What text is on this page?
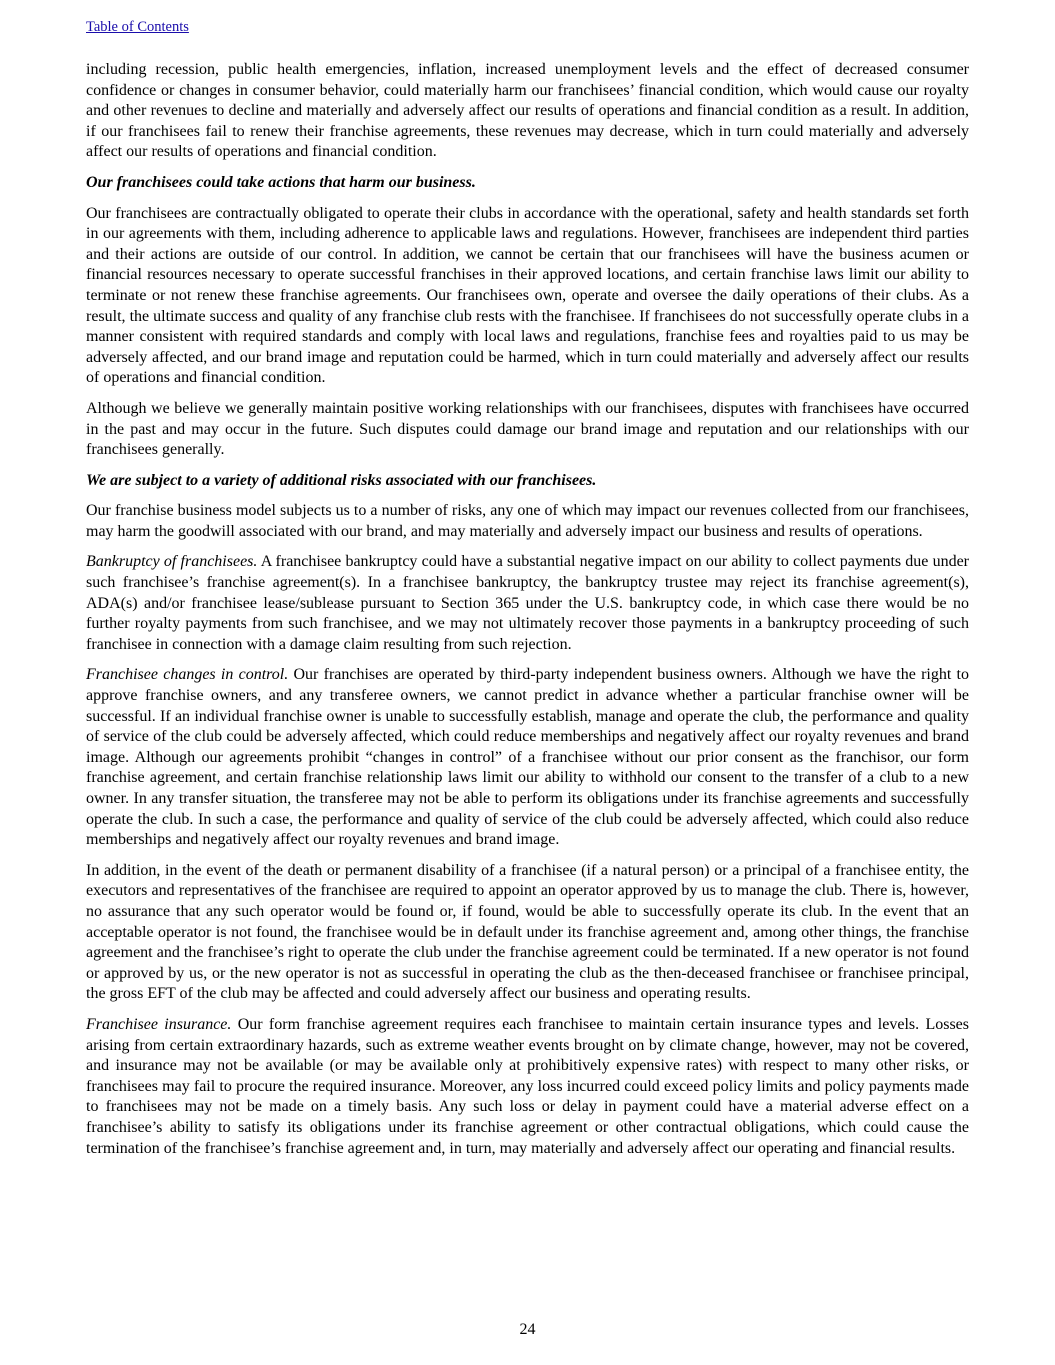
Table of Contents

including recession, public health emergencies, inflation, increased unemployment levels and the effect of decreased consumer confidence or changes in consumer behavior, could materially harm our franchisees’ financial condition, which would cause our royalty and other revenues to decline and materially and adversely affect our results of operations and financial condition as a result. In addition, if our franchisees fail to renew their franchise agreements, these revenues may decrease, which in turn could materially and adversely affect our results of operations and financial condition.

Our franchisees could take actions that harm our business.

Our franchisees are contractually obligated to operate their clubs in accordance with the operational, safety and health standards set forth in our agreements with them, including adherence to applicable laws and regulations. However, franchisees are independent third parties and their actions are outside of our control. In addition, we cannot be certain that our franchisees will have the business acumen or financial resources necessary to operate successful franchises in their approved locations, and certain franchise laws limit our ability to terminate or not renew these franchise agreements. Our franchisees own, operate and oversee the daily operations of their clubs. As a result, the ultimate success and quality of any franchise club rests with the franchisee. If franchisees do not successfully operate clubs in a manner consistent with required standards and comply with local laws and regulations, franchise fees and royalties paid to us may be adversely affected, and our brand image and reputation could be harmed, which in turn could materially and adversely affect our results of operations and financial condition.

Although we believe we generally maintain positive working relationships with our franchisees, disputes with franchisees have occurred in the past and may occur in the future. Such disputes could damage our brand image and reputation and our relationships with our franchisees generally.

We are subject to a variety of additional risks associated with our franchisees.

Our franchise business model subjects us to a number of risks, any one of which may impact our revenues collected from our franchisees, may harm the goodwill associated with our brand, and may materially and adversely impact our business and results of operations.

Bankruptcy of franchisees. A franchisee bankruptcy could have a substantial negative impact on our ability to collect payments due under such franchisee’s franchise agreement(s). In a franchisee bankruptcy, the bankruptcy trustee may reject its franchise agreement(s), ADA(s) and/or franchisee lease/sublease pursuant to Section 365 under the U.S. bankruptcy code, in which case there would be no further royalty payments from such franchisee, and we may not ultimately recover those payments in a bankruptcy proceeding of such franchisee in connection with a damage claim resulting from such rejection.

Franchisee changes in control. Our franchises are operated by third-party independent business owners. Although we have the right to approve franchise owners, and any transferee owners, we cannot predict in advance whether a particular franchise owner will be successful. If an individual franchise owner is unable to successfully establish, manage and operate the club, the performance and quality of service of the club could be adversely affected, which could reduce memberships and negatively affect our royalty revenues and brand image. Although our agreements prohibit “changes in control” of a franchisee without our prior consent as the franchisor, our form franchise agreement, and certain franchise relationship laws limit our ability to withhold our consent to the transfer of a club to a new owner. In any transfer situation, the transferee may not be able to perform its obligations under its franchise agreements and successfully operate the club. In such a case, the performance and quality of service of the club could be adversely affected, which could also reduce memberships and negatively affect our royalty revenues and brand image.

In addition, in the event of the death or permanent disability of a franchisee (if a natural person) or a principal of a franchisee entity, the executors and representatives of the franchisee are required to appoint an operator approved by us to manage the club. There is, however, no assurance that any such operator would be found or, if found, would be able to successfully operate its club. In the event that an acceptable operator is not found, the franchisee would be in default under its franchise agreement and, among other things, the franchise agreement and the franchisee’s right to operate the club under the franchise agreement could be terminated. If a new operator is not found or approved by us, or the new operator is not as successful in operating the club as the then-deceased franchisee or franchisee principal, the gross EFT of the club may be affected and could adversely affect our business and operating results.

Franchisee insurance. Our form franchise agreement requires each franchisee to maintain certain insurance types and levels. Losses arising from certain extraordinary hazards, such as extreme weather events brought on by climate change, however, may not be covered, and insurance may not be available (or may be available only at prohibitively expensive rates) with respect to many other risks, or franchisees may fail to procure the required insurance. Moreover, any loss incurred could exceed policy limits and policy payments made to franchisees may not be made on a timely basis. Any such loss or delay in payment could have a material adverse effect on a franchisee’s ability to satisfy its obligations under its franchise agreement or other contractual obligations, which could cause the termination of the franchisee’s franchise agreement and, in turn, may materially and adversely affect our operating and financial results.

24
